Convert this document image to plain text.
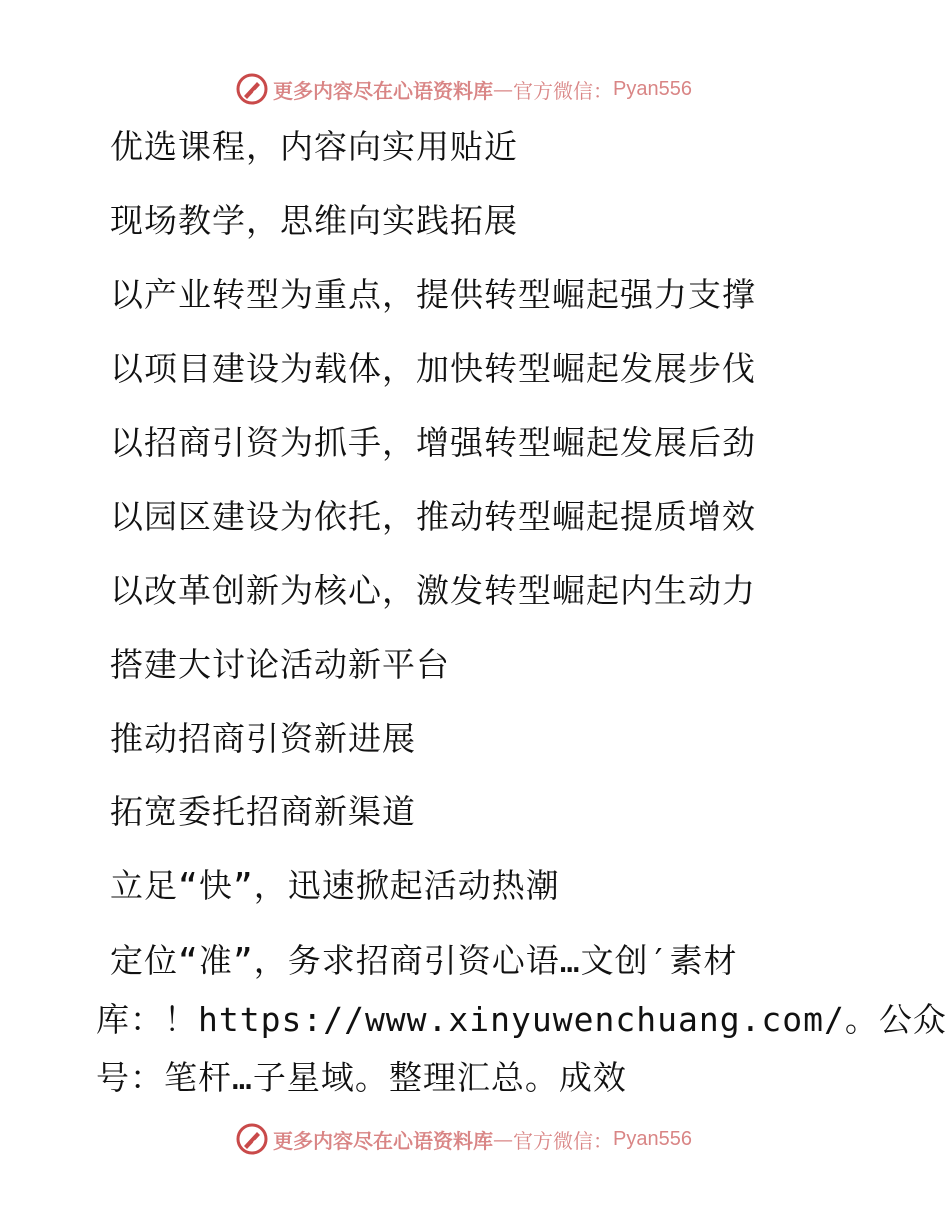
更多内容尽在心语资料库 — 官方微信： Pyan556
优选课程，内容向实用贴近
现场教学，思维向实践拓展
以产业转型为重点，提供转型崛起强力支撑
以项目建设为载体，加快转型崛起发展步伐
以招商引资为抓手，增强转型崛起发展后劲
以园区建设为依托，推动转型崛起提质增效
以改革创新为核心，激发转型崛起内生动力
搭建大讨论活动新平台
推动招商引资新进展
拓宽委托招商新渠道
立足“快”，迅速掀起活动热潮
定位“准”，务求招商引资心语…文创′素材
库：！https://www.xinyuwenchuang.com/。公众
号：笔杆…子星域。整理汇总。成效
更多内容尽在心语资料库 — 官方微信： Pyan556
